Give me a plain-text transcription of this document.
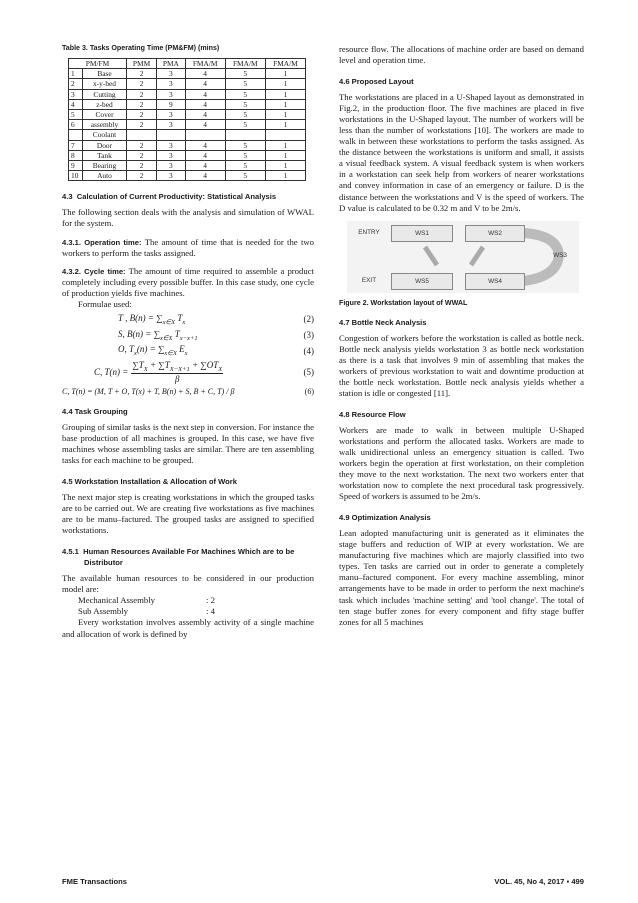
Table 3. Tasks Operating Time (PM&FM) (mins)
PM/FM		PMM	PMA	FMA/M	FMA/M	FMA/M
1	Base	2	3	4	5	1
2	x-y-bed	2	3	4	5	1
3	Cutting	2	3	4	5	1
4	z-bed	2	9	4	5	1
5	Cover	2	3	4	5	1
6	assembly	2	3	4	5	1
	Coolant					
7	Door	2	3	4	5	1
8	Tank	2	3	4	5	1
9	Bearing	2	3	4	5	1
10	Auto	2	3	4	5	1
4.3 Calculation of Current Productivity: Statistical Analysis

The following section deals with the analysis and simulation of WWAL for the system.

4.3.1. Operation time: The amount of time that is needed for the two workers to perform the tasks assigned.

4.3.2. Cycle time: The amount of time required to assemble a product completely including every possible buffer. In this case study, one cycle of production yields five machines.

Formulae used:

T , $B(n) = \sum_{x\in X}$ $T_x$	(2)
S, $B(n) = \sum_{x\in X}$ $T_{x-x+1}$	(3)
O, $T_x(n) = \sum_{x\in X}$ $E_x$	(4)
C, T(n) =
$\sum T_X + \sum T_{X-X+1} + \sum OT_X$
β
(5)
C, T(n) = (M, T + O, T(x) + T, B(n) + S, B + C, T) / β	(6)
4.4 Task Grouping

Grouping of similar tasks is the next step in conversion. For instance the base production of all machines is grouped. In this case, we have five machines whose assembling tasks are similar. There are ten assembling tasks for each machine to be grouped.

4.5 Workstation Installation & Allocation of Work

The next major step is creating workstations in which the grouped tasks are to be carried out. We are creating five workstations as five machines are to be manu–factured. The grouped tasks are assigned to specified workstations.

4.5.1 Human Resources Available For Machines Which are to be Distributor

The available human resources to be considered in our production model are:

Mechanical Assembly	: 2
Sub Assembly	: 4

Every workstation involves assembly activity of a single machine and allocation of work is defined by

resource flow. The allocations of machine order are based on demand level and operation time.

4.6 Proposed Layout

The workstations are placed in a U-Shaped layout as demonstrated in Fig.2, in the production floor. The five machines are placed in five workstations in the U-Shaped layout. The number of workers will be less than the number of workstations [10]. The workers are made to walk in between these workstations to perform the tasks assigned. As the distance between the workstations is uniform and small, it assists a visual feedback system. A visual feedback system is when workers in a workstation can seek help from workers of nearer workstations and convey information in case of an emergency or failure. D is the distance between the workstations and V is the speed of workers. The D value is calculated to be 0.32 m and V to be 2m/s.

ENTRY	WS1	WS2
WS3
WS4
WS5
EXIT
Figure 2. Workstation layout of WWAL
4.7 Bottle Neck Analysis

Congestion of workers before the workstation is called as bottle neck. Bottle neck analysis yields workstation 3 as bottle neck workstation as there is a task that involves 9 min of assembling that makes the workers of previous workstation to wait and downtime production at the bottle neck workstation. Bottle neck analysis yields whether a station is idle or congested [11].

4.8 Resource Flow

Workers are made to walk in between multiple U-Shaped workstations and perform the allocated tasks. Workers are made to walk unidirectional unless an emergency situation is called. Two workers begin the operation at first workstation, on their completion they move to the next workstation. The next two workers enter that workstation now to complete the next procedural task progressively. Speed of workers is assumed to be 2m/s.

4.9 Optimization Analysis

Lean adopted manufacturing unit is generated as it eliminates the stage buffers and reduction of WIP at every workstation. We are manufacturing five machines which are majorly classified into two types. Ten tasks are carried out in order to generate a completely manu–factured component. For every machine assembling, minor arrangements have to be made in order to perform the next machine's task which includes 'machine setting' and 'tool change'. The total of ten stage buffer zones for every component and fifty stage buffer zones for all 5 machines

FME Transactions	VOL. 45, No 4, 2017 ▪ 499
